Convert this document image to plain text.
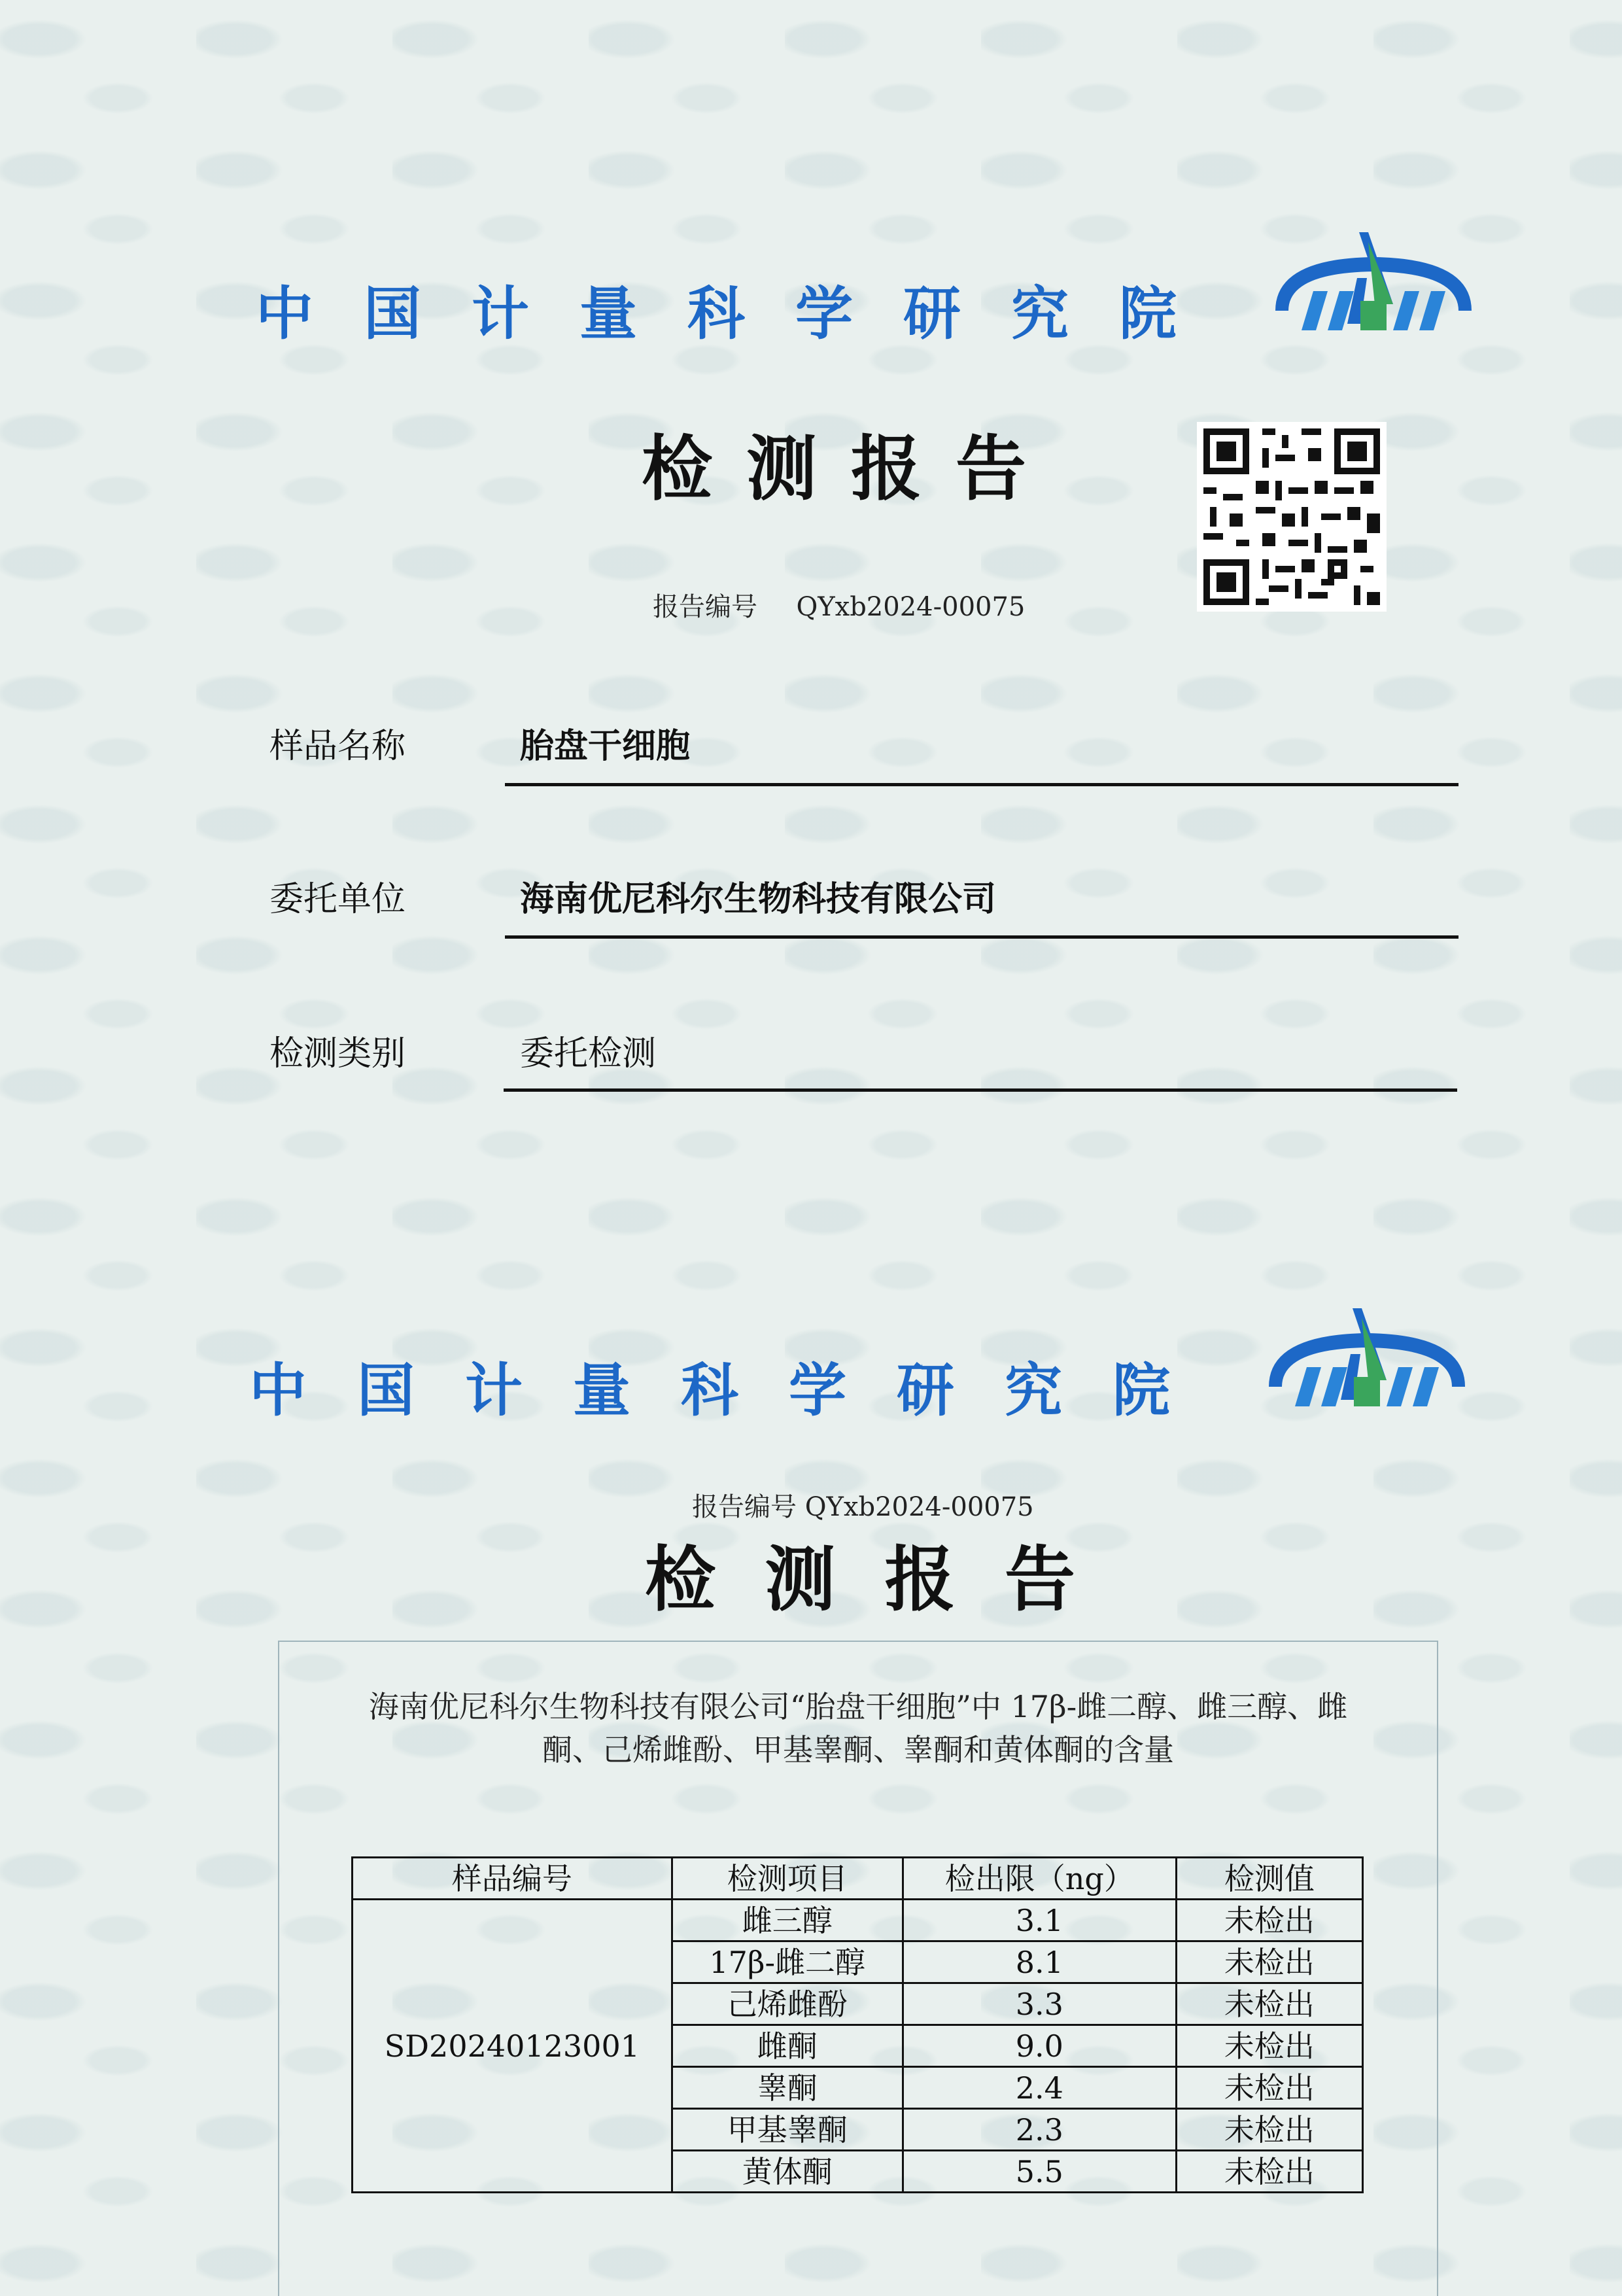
中 国 计 量 科 学 研 究 院
检 测 报 告
报告编号 QYxb2024-00075
样品名称	胎盘干细胞
委托单位	海南优尼科尔生物科技有限公司
检测类别	委托检测
中 国 计 量 科 学 研 究 院
报告编号 QYxb2024-00075
检 测 报 告
海南优尼科尔生物科技有限公司“胎盘干细胞”中 17β-雌二醇、雌三醇、雌
酮、己烯雌酚、甲基睾酮、睾酮和黄体酮的含量
样品编号	检测项目	检出限（ng）	检测值
SD20240123001	雌三醇	3.1	未检出
	17β-雌二醇	8.1	未检出
	己烯雌酚	3.3	未检出
	雌酮	9.0	未检出
	睾酮	2.4	未检出
	甲基睾酮	2.3	未检出
	黄体酮	5.5	未检出
